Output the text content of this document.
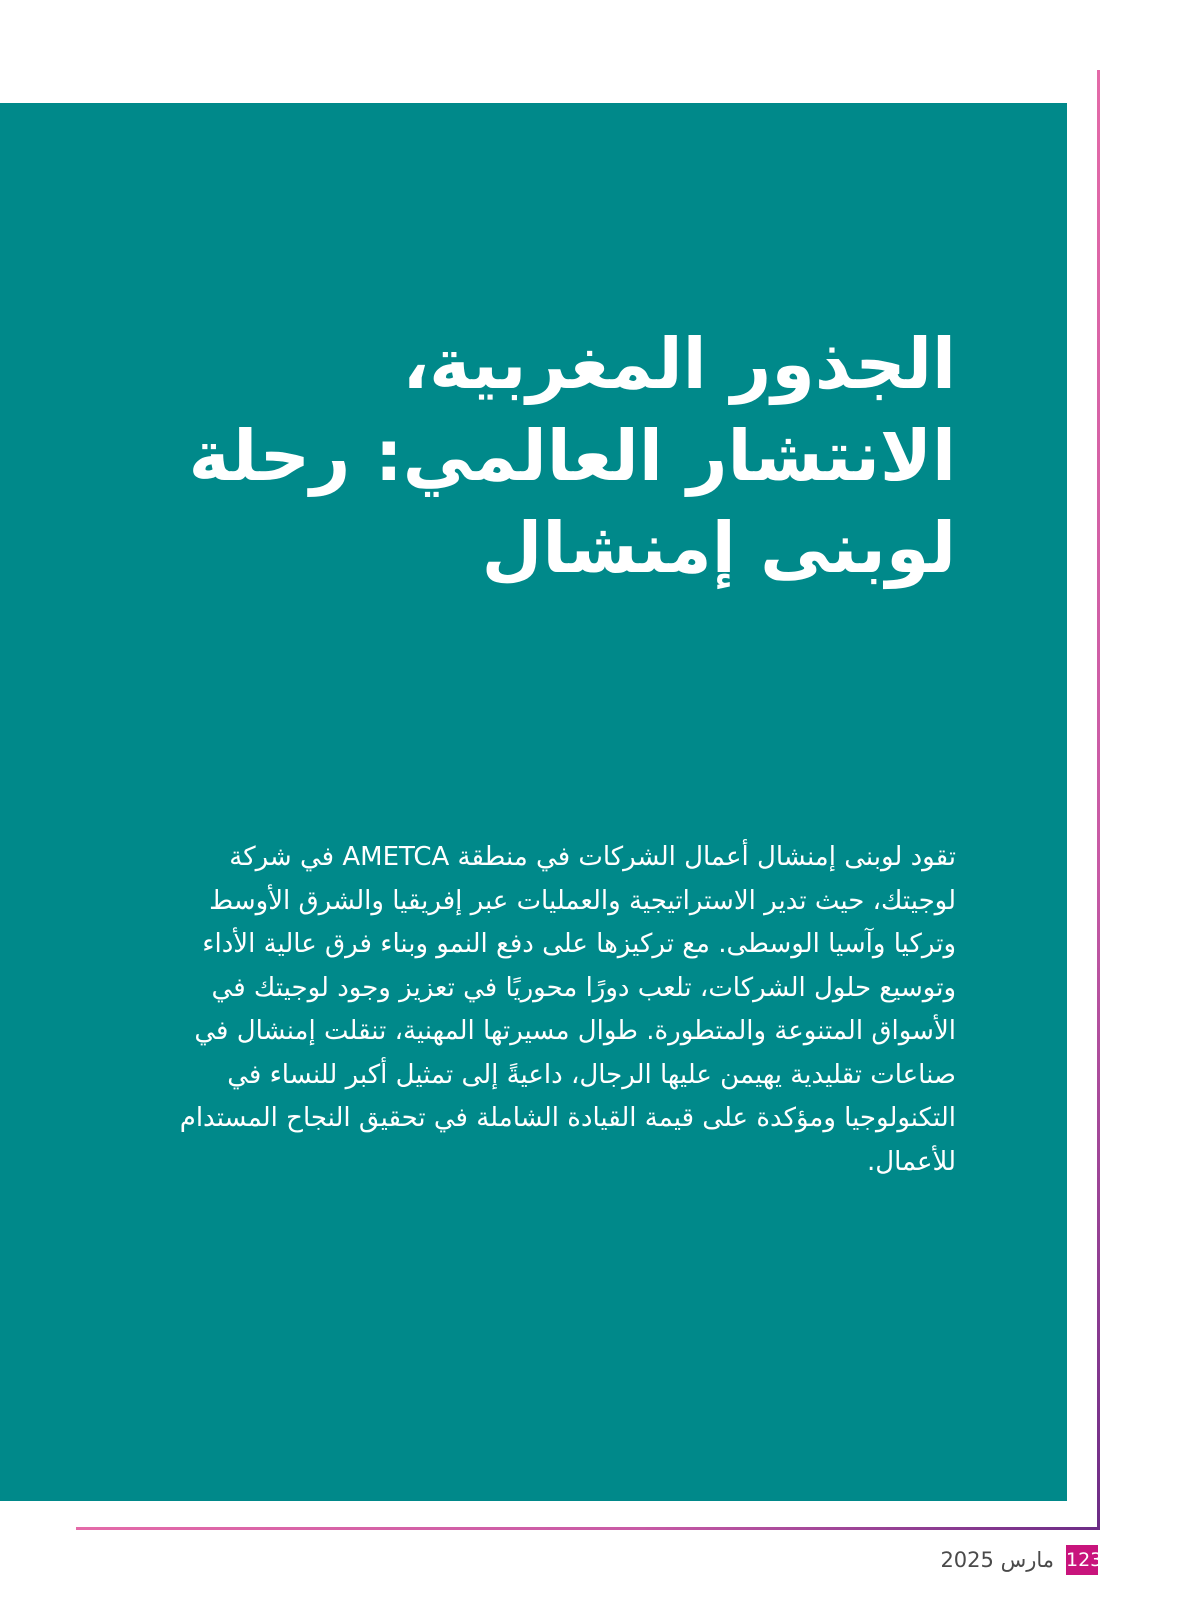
الجذور المغربية، الانتشار العالمي: رحلة لوبنى إمنشال

تقود لوبنى إمنشال أعمال الشركات في منطقة AMETCA في شركة لوجيتك، حيث تدير الاستراتيجية والعمليات عبر إفريقيا والشرق الأوسط وتركيا وآسيا الوسطى. مع تركيزها على دفع النمو وبناء فرق عالية الأداء وتوسيع حلول الشركات، تلعب دورًا محوريًا في تعزيز وجود لوجيتك في الأسواق المتنوعة والمتطورة. طوال مسيرتها المهنية، تنقلت إمنشال في صناعات تقليدية يهيمن عليها الرجال، داعيةً إلى تمثيل أكبر للنساء في التكنولوجيا ومؤكدة على قيمة القيادة الشاملة في تحقيق النجاح المستدام للأعمال.

مارس 2025 123
